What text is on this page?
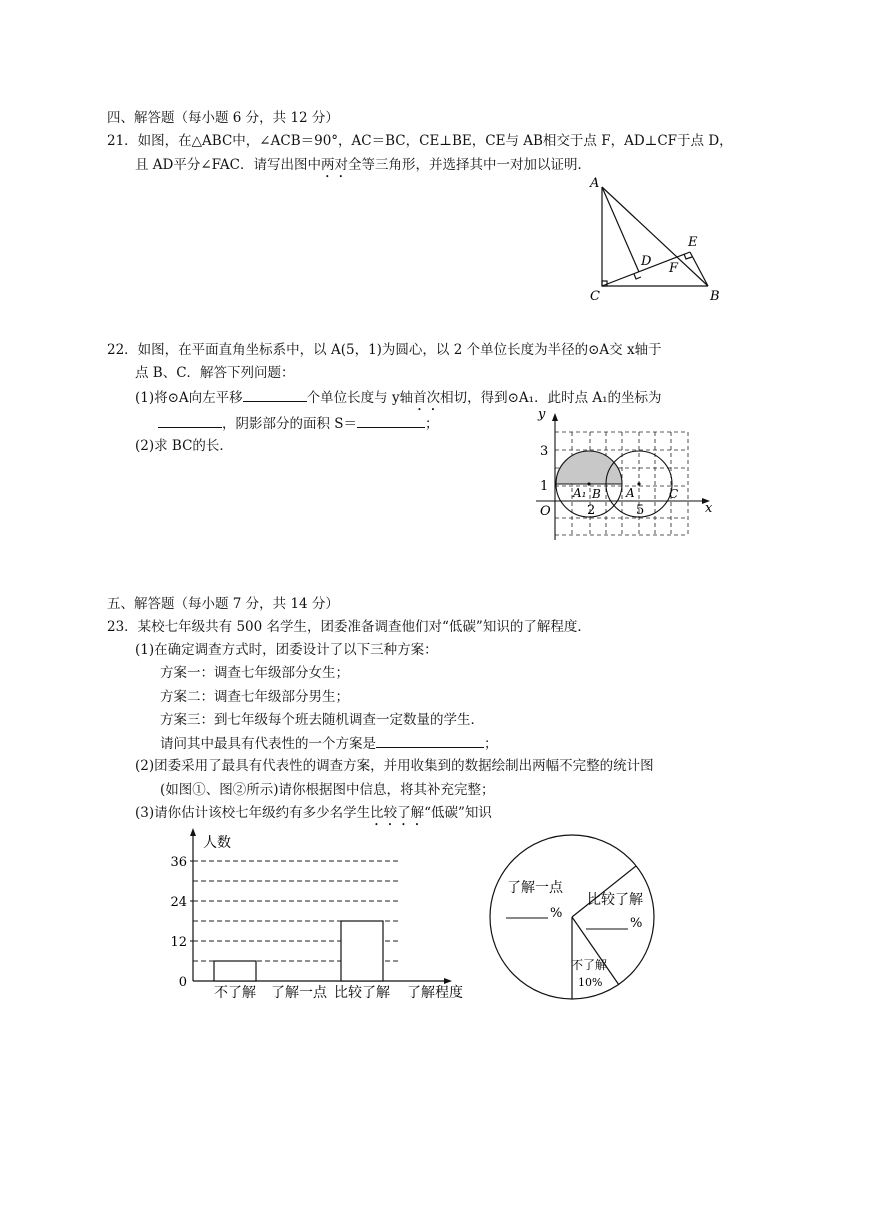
四、解答题（每小题 6 分，共 12 分）
21．如图，在△ABC中，∠ACB＝90°，AC＝BC，CE⊥BE，CE与 AB相交于点 F，AD⊥CF于点 D，
且 AD平分∠FAC．请写出图中两对全等三角形，并选择其中一对加以证明．
A
C	B
D
E
F
22．如图，在平面直角坐标系中，以 A(5，1)为圆心，以 2 个单位长度为半径的⊙A交 x轴于
点 B、C．解答下列问题：
(1)将⊙A向左平移	个单位长度与 y轴首次相切，得到⊙A₁．此时点 A₁的坐标为
，阴影部分的面积 S＝	；
(2)求 BC的长．
y
x
O
3
1
2	5
A₁ B A	C
五、解答题（每小题 7 分，共 14 分）
23．某校七年级共有 500 名学生，团委准备调查他们对“低碳”知识的了解程度．
(1)在确定调查方式时，团委设计了以下三种方案：
方案一：调查七年级部分女生；
方案二：调查七年级部分男生；
方案三：到七年级每个班去随机调查一定数量的学生．
请问其中最具有代表性的一个方案是	；
(2)团委采用了最具有代表性的调查方案，并用收集到的数据绘制出两幅不完整的统计图
(如图①、图②所示)请你根据图中信息，将其补充完整；
(3)请你估计该校七年级约有多少名学生比较了解“低碳”知识
人数
了解程度
0
12
24
36
不了解 了解一点 比较了解
了解一点
%
比较了解
%
不了解
10%
